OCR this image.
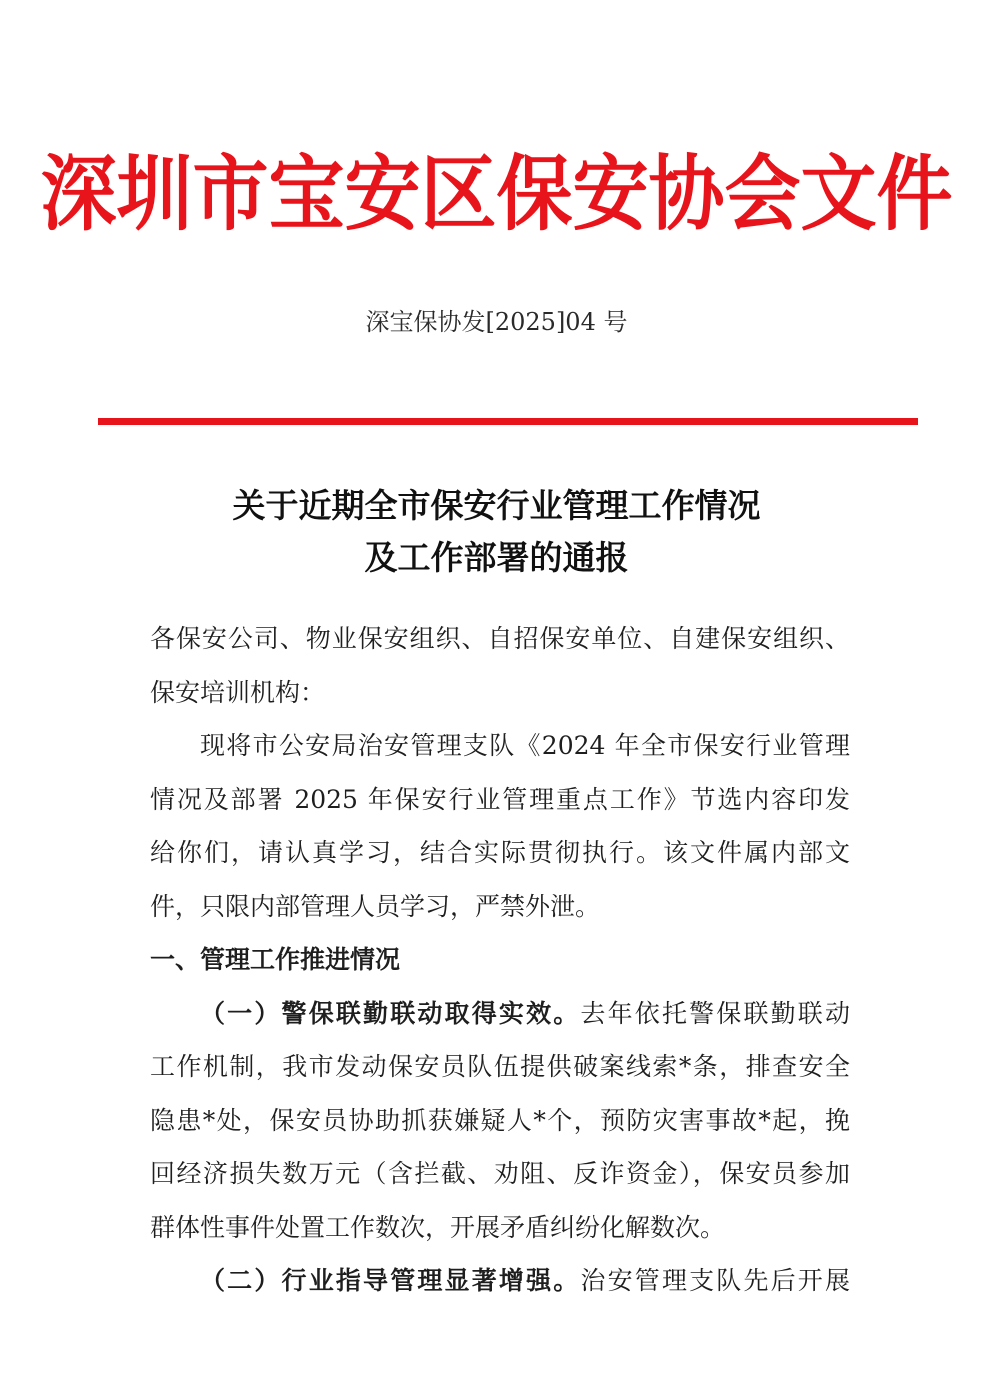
深圳市宝安区保安协会文件
深宝保协发[2025]04 号
关于近期全市保安行业管理工作情况
及工作部署的通报
各保安公司、物业保安组织、自招保安单位、自建保安组织、
保安培训机构：
现将市公安局治安管理支队《2024 年全市保安行业管理
情况及部署 2025 年保安行业管理重点工作》节选内容印发
给你们，请认真学习，结合实际贯彻执行。该文件属内部文
件，只限内部管理人员学习，严禁外泄。
一、管理工作推进情况
（一）警保联勤联动取得实效。去年依托警保联勤联动
工作机制，我市发动保安员队伍提供破案线索*条，排查安全
隐患*处，保安员协助抓获嫌疑人*个，预防灾害事故*起，挽
回经济损失数万元（含拦截、劝阻、反诈资金），保安员参加
群体性事件处置工作数次，开展矛盾纠纷化解数次。
（二）行业指导管理显著增强。治安管理支队先后开展
